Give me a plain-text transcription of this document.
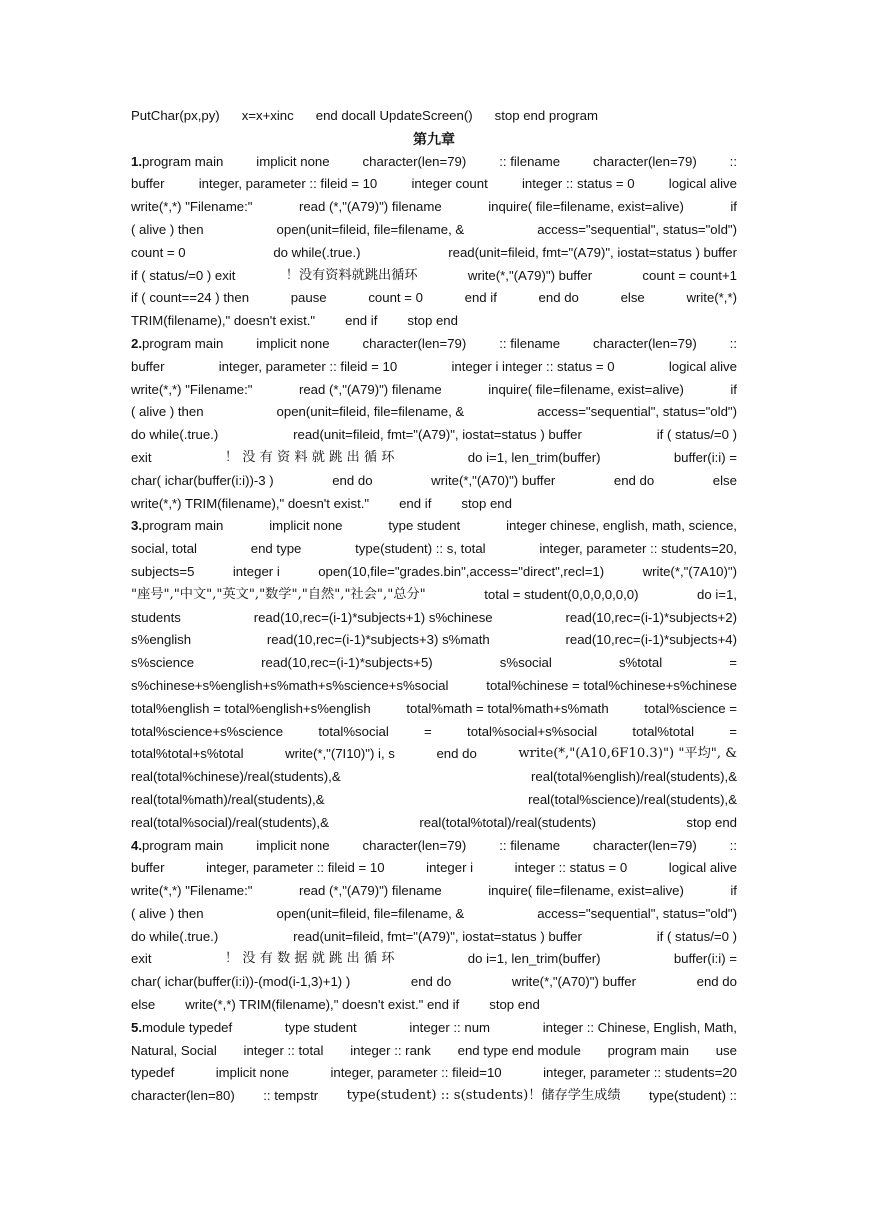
PutChar(px,py) x=x+xinc end docall UpdateScreen() stop end program
第九章
1.program main implicit none character(len=79) :: filename character(len=79) ::
buffer	integer, parameter :: fileid = 10	integer count	integer :: status = 0	logical alive
write(*,*) "Filename:"	read (*,"(A79)") filename	inquire( file=filename, exist=alive)	if
( alive ) then	open(unit=fileid, file=filename, &	access="sequential", status="old")
count = 0	do while(.true.)	read(unit=fileid, fmt="(A79)", iostat=status ) buffer
if ( status/=0 ) exit	！没有资料就跳出循环	write(*,"(A79)") buffer	count = count+1
if ( count==24 ) then	pause	count = 0	end if	end do	else	write(*,*)
TRIM(filename)," doesn't exist." end if stop end
2.program main implicit none character(len=79) :: filename character(len=79) ::
buffer	integer, parameter :: fileid = 10	integer i integer :: status = 0	logical alive
write(*,*) "Filename:"	read (*,"(A79)") filename	inquire( file=filename, exist=alive)	if
( alive ) then	open(unit=fileid, file=filename, &	access="sequential", status="old")
do while(.true.)	read(unit=fileid, fmt="(A79)", iostat=status ) buffer	if ( status/=0 )
exit	！ 没 有 资 料 就 跳 出 循 环	do i=1, len_trim(buffer)	buffer(i:i) =
char( ichar(buffer(i:i))-3 )	end do	write(*,"(A70)") buffer	end do	else
write(*,*) TRIM(filename)," doesn't exist." end if stop end
3.program main	implicit none	type student	integer chinese, english, math, science,
social, total	end type	type(student) :: s, total	integer, parameter :: students=20,
subjects=5	integer i	open(10,file="grades.bin",access="direct",recl=1)	write(*,"(7A10)")
"座号","中文","英文","数学","自然","社会","总分"	total = student(0,0,0,0,0,0)	do i=1,
students	read(10,rec=(i-1)*subjects+1) s%chinese	read(10,rec=(i-1)*subjects+2)
s%english	read(10,rec=(i-1)*subjects+3) s%math	read(10,rec=(i-1)*subjects+4)
s%science	read(10,rec=(i-1)*subjects+5)	s%social	s%total	=
s%chinese+s%english+s%math+s%science+s%social	total%chinese = total%chinese+s%chinese
total%english = total%english+s%english	total%math = total%math+s%math	total%science =
total%science+s%science	total%social	=	total%social+s%social	total%total	=
total%total+s%total	write(*,"(7I10)") i, s	end do	write(*,"(A10,6F10.3)") "平均", &
real(total%chinese)/real(students),&	real(total%english)/real(students),&
real(total%math)/real(students),&	real(total%science)/real(students),&
real(total%social)/real(students),&	real(total%total)/real(students)	stop end
4.program main implicit none character(len=79) :: filename character(len=79) ::
buffer	integer, parameter :: fileid = 10	integer i	integer :: status = 0	logical alive
write(*,*) "Filename:"	read (*,"(A79)") filename	inquire( file=filename, exist=alive)	if
( alive ) then	open(unit=fileid, file=filename, &	access="sequential", status="old")
do while(.true.)	read(unit=fileid, fmt="(A79)", iostat=status ) buffer	if ( status/=0 )
exit	！ 没 有 数 据 就 跳 出 循 环	do i=1, len_trim(buffer)	buffer(i:i) =
char( ichar(buffer(i:i))-(mod(i-1,3)+1) )	end do	write(*,"(A70)") buffer	end do
else write(*,*) TRIM(filename)," doesn't exist." end if stop end
5.module typedef	type student	integer :: num	integer :: Chinese, English, Math,
Natural, Social integer :: total integer :: rank end type end module program main use
typedef	implicit none	integer, parameter :: fileid=10	integer, parameter :: students=20
character(len=80) :: tempstr type(student) :: s(students)！储存学生成绩 type(student) ::
